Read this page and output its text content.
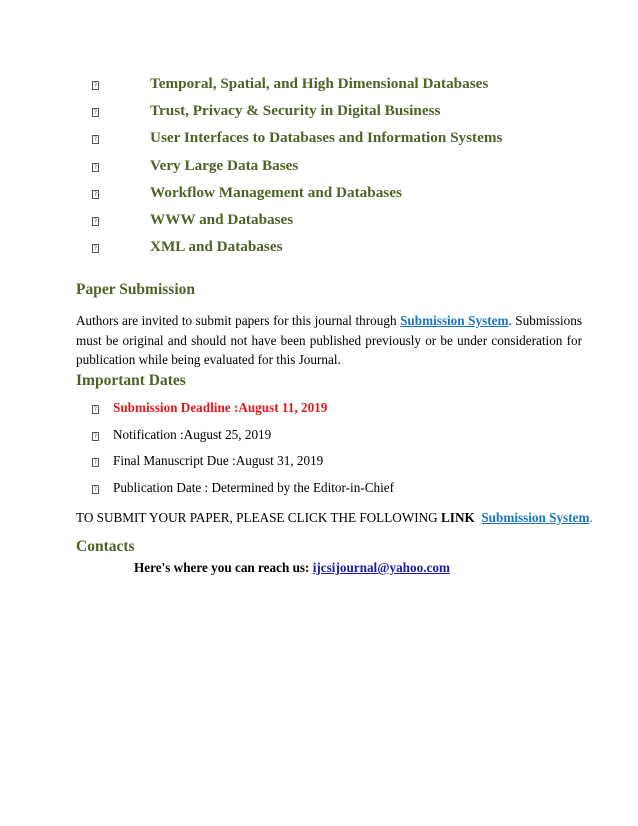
?	Temporal, Spatial, and High Dimensional Databases
?	Trust, Privacy & Security in Digital Business
?	User Interfaces to Databases and Information Systems
?	Very Large Data Bases
?	Workflow Management and Databases
?	WWW and Databases
?	XML and Databases
Paper Submission
Authors are invited to submit papers for this journal through Submission System. Submissions must be original and should not have been published previously or be under consideration for publication while being evaluated for this Journal.
Important Dates
? Submission Deadline :August 11, 2019
? Notification :August 25, 2019
? Final Manuscript Due :August 31, 2019
? Publication Date : Determined by the Editor-in-Chief
TO SUBMIT YOUR PAPER, PLEASE CLICK THE FOLLOWING LINK Submission System.
Contacts
Here's where you can reach us: ijcsijournal@yahoo.com
